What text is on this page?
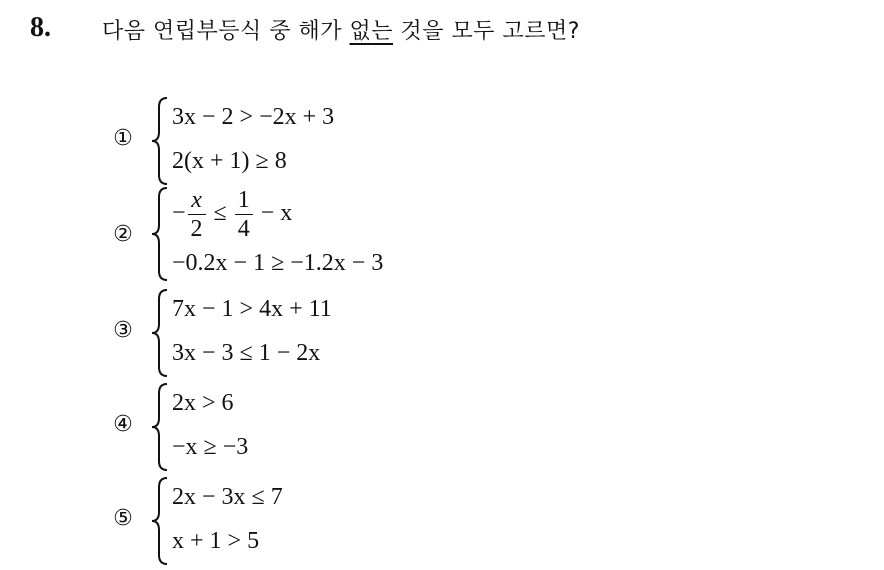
8. 다음 연립부등식 중 해가 없는 것을 모두 고르면?
①
3x − 2 > −2x + 3
2(x + 1) ≥ 8
②
− $\frac{x}{2} \le \frac{1}{4} - x$
−0.2x − 1 ≥ −1.2x − 3
③
7x − 1 > 4x + 11
3x − 3 ≤ 1 − 2x
④
2x > 6
−x ≥ −3
⑤
2x − 3x ≤ 7
x + 1 > 5
